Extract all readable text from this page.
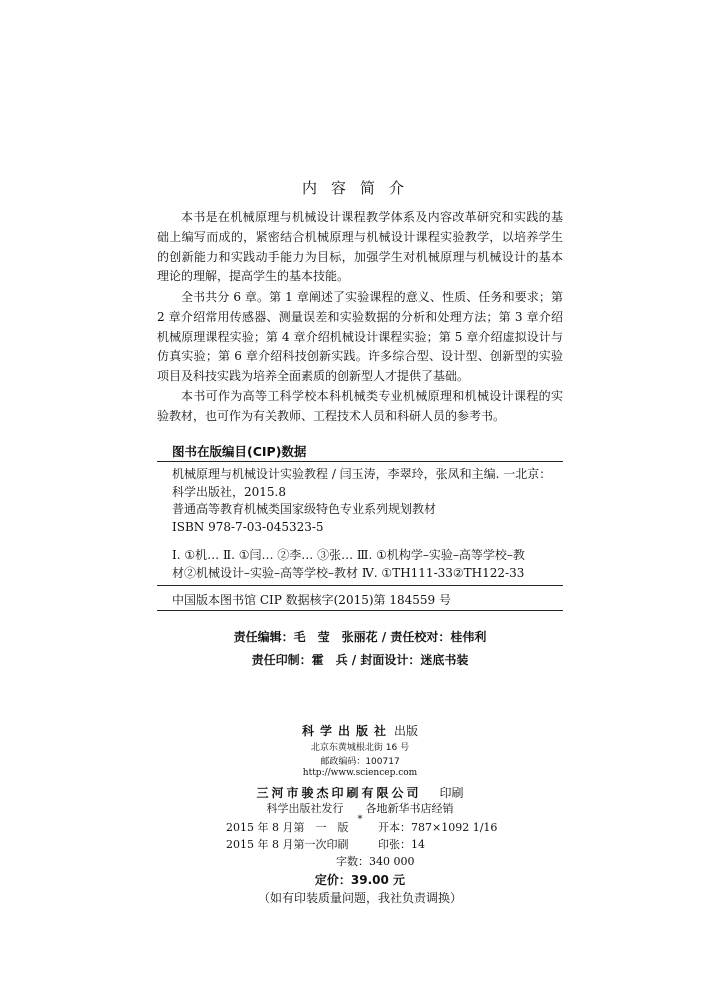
内容简介

本书是在机械原理与机械设计课程教学体系及内容改革研究和实践的基础上编写而成的，紧密结合机械原理与机械设计课程实验教学，以培养学生的创新能力和实践动手能力为目标，加强学生对机械原理与机械设计的基本理论的理解，提高学生的基本技能。

全书共分 6 章。第 1 章阐述了实验课程的意义、性质、任务和要求；第 2 章介绍常用传感器、测量误差和实验数据的分析和处理方法；第 3 章介绍机械原理课程实验；第 4 章介绍机械设计课程实验；第 5 章介绍虚拟设计与仿真实验；第 6 章介绍科技创新实践。许多综合型、设计型、创新型的实验项目及科技实践为培养全面素质的创新型人才提供了基础。

本书可作为高等工科学校本科机械类专业机械原理和机械设计课程的实验教材，也可作为有关教师、工程技术人员和科研人员的参考书。

图书在版编目(CIP)数据
机械原理与机械设计实验教程 / 闫玉涛，李翠玲，张凤和主编. 一北京：
科学出版社，2015.8
普通高等教育机械类国家级特色专业系列规划教材
ISBN 978-7-03-045323-5
Ⅰ. ①机… Ⅱ. ①闫… ②李… ③张… Ⅲ. ①机构学–实验–高等学校–教
材②机械设计–实验–高等学校–教材 Ⅳ. ①TH111-33②TH122-33
中国版本图书馆 CIP 数据核字(2015)第 184559 号
责任编辑：毛　莹　张丽花 / 责任校对：桂伟利
责任印制：霍　兵 / 封面设计：迷底书装
科学出版社 出版
北京东黄城根北街 16 号
邮政编码：100717
http://www.sciencep.com
三河市骏杰印刷有限公司 印刷
科学出版社发行　　各地新华书店经销
*
2015 年 8 月第　一　版	开本：787×1092 1/16
2015 年 8 月第一次印刷	印张：14
字数：340 000
定价：39.00 元
（如有印装质量问题，我社负责调换）
